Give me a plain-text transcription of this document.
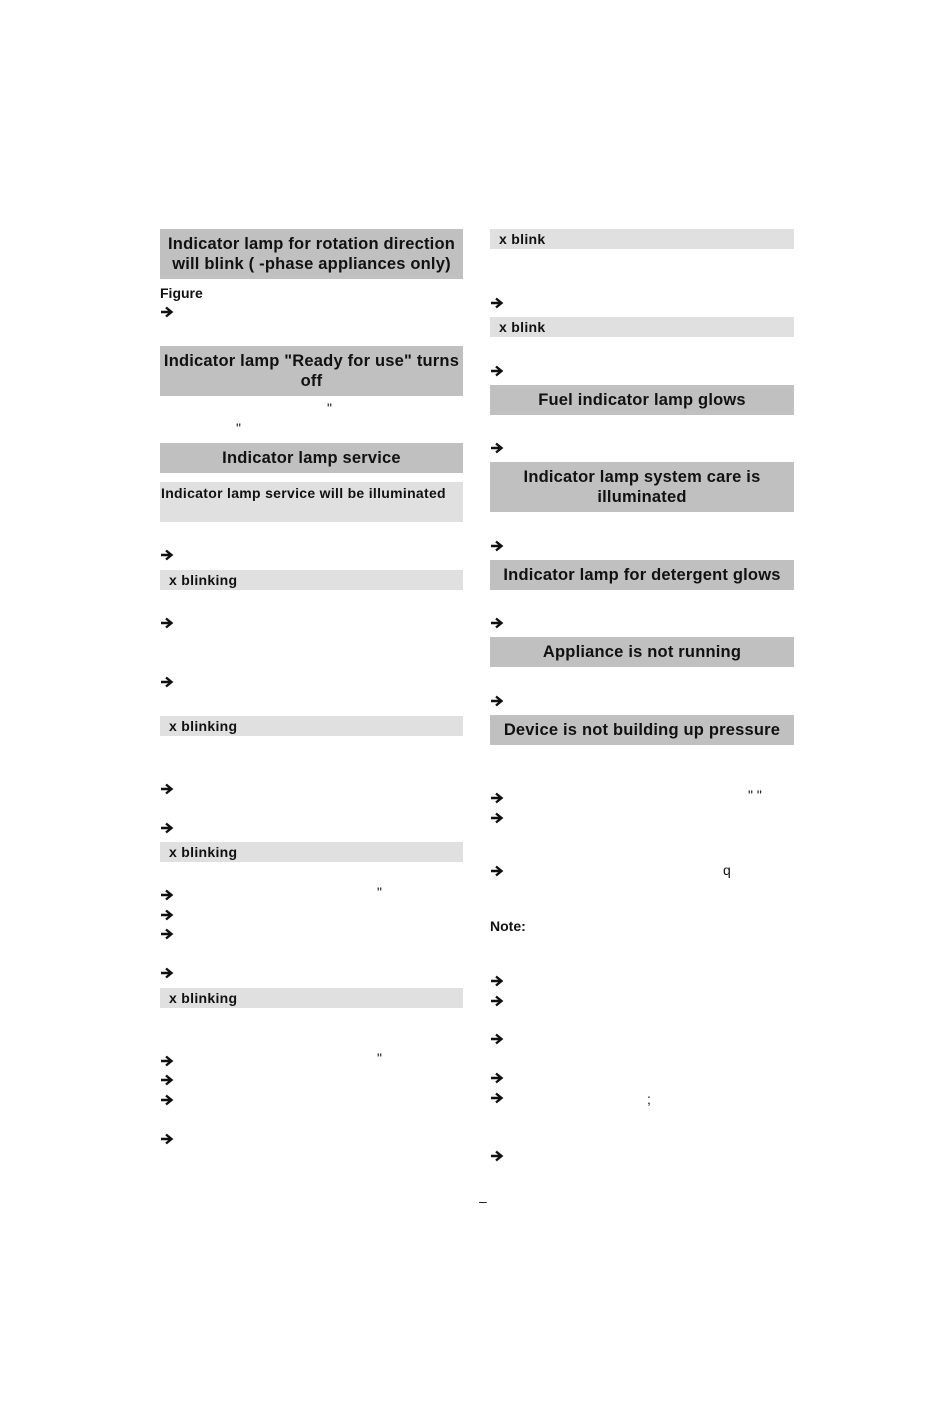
Indicator lamp for rotation direction will blink ( -phase appliances only)
Figure
Indicator lamp "Ready for use" turns off
"
"
Indicator lamp service
Indicator lamp service will be illuminated
x blinking
x blinking
x blinking
"
x blinking
"
x blink
x blink
Fuel indicator lamp glows
Indicator lamp system care is illuminated
Indicator lamp for detergent glows
Appliance is not running
Device is not building up pressure
" "
q
Note:
;
–
